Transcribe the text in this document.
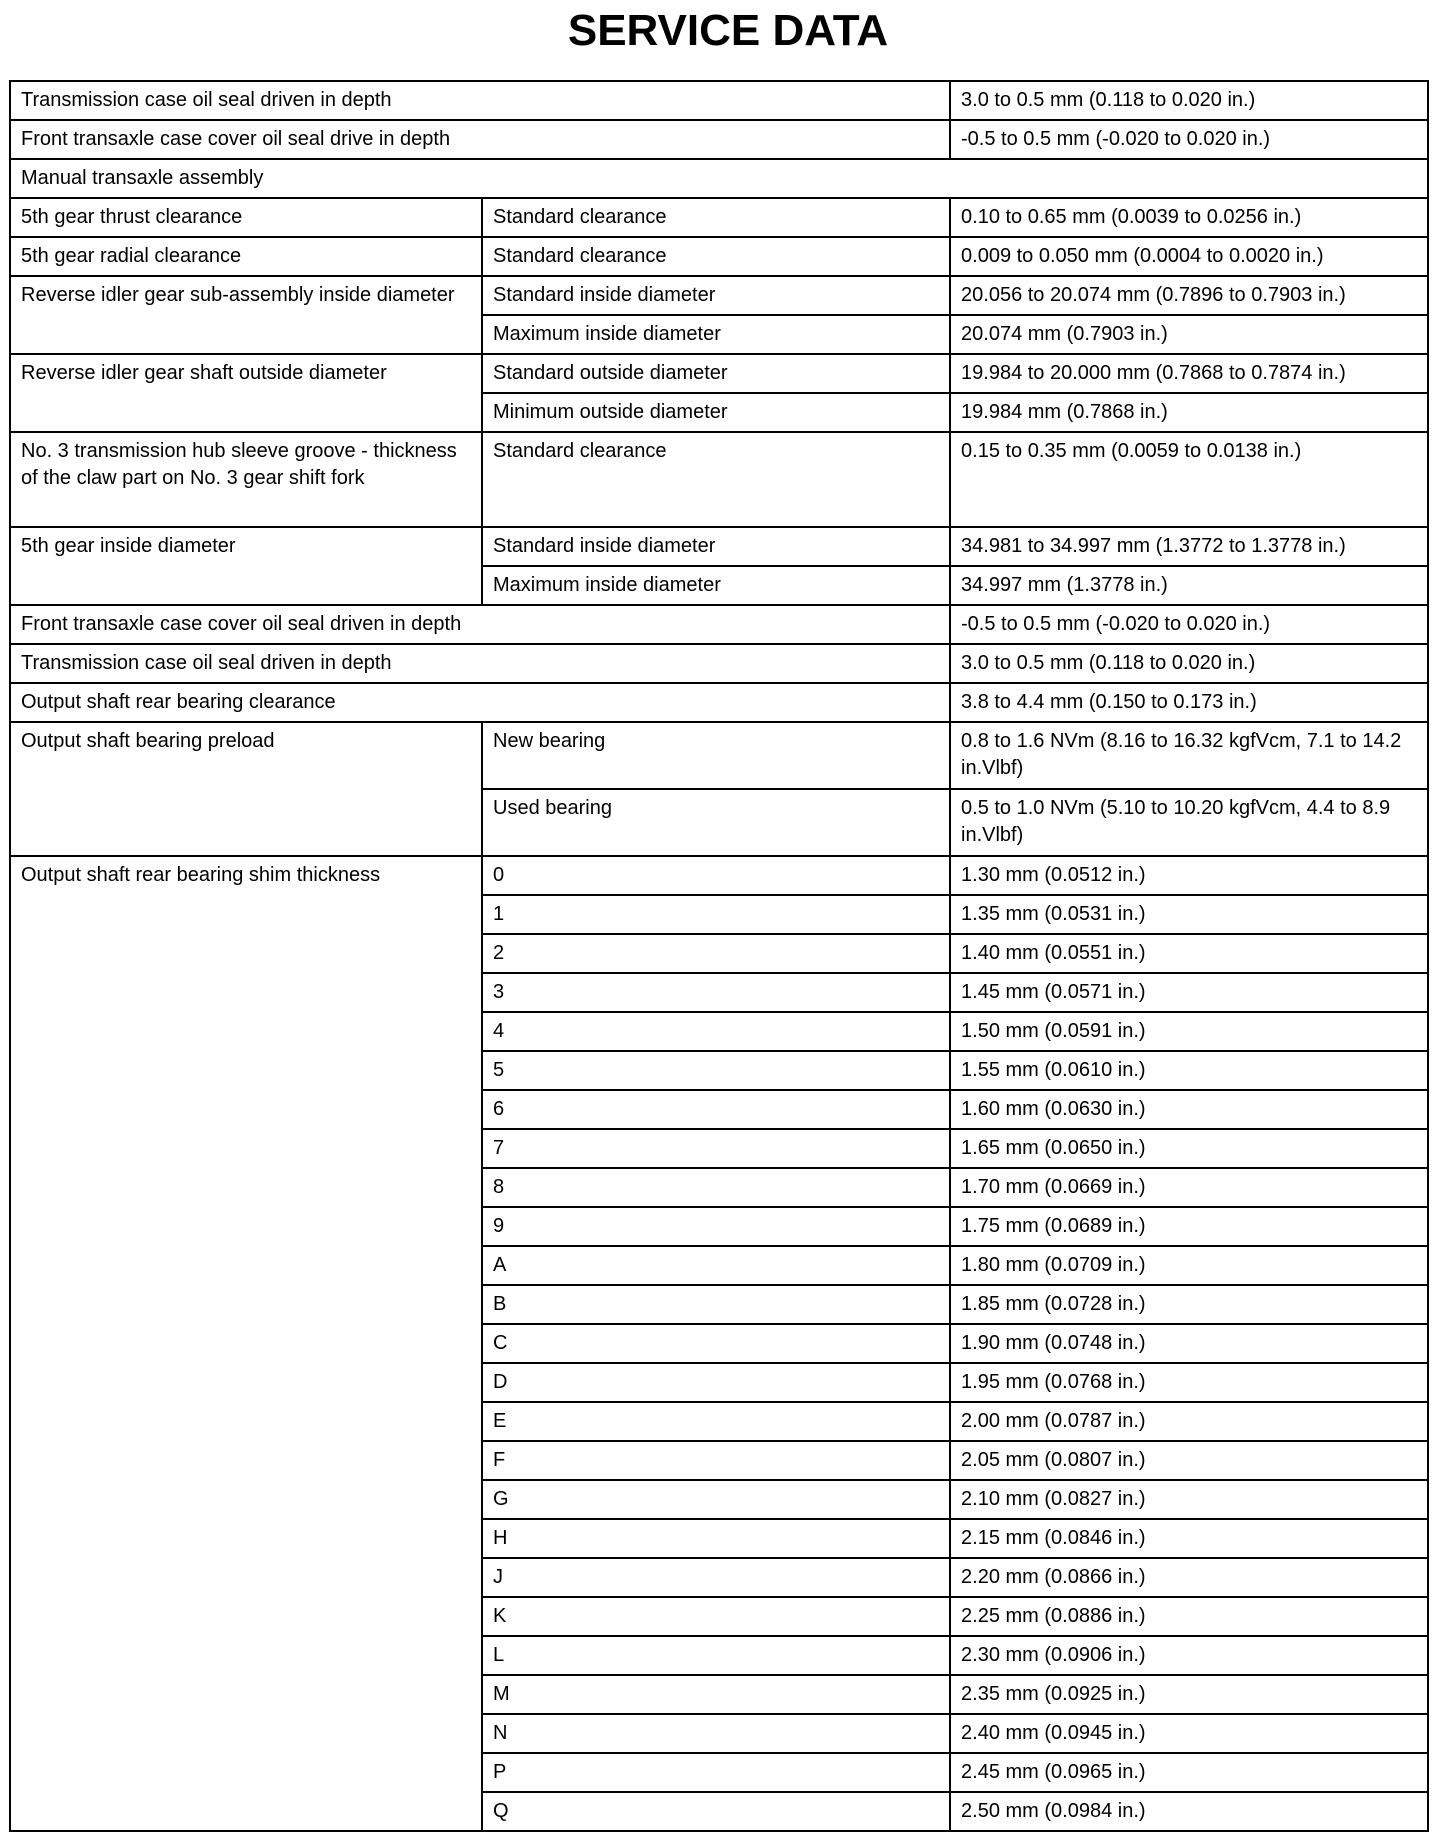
SERVICE DATA
Transmission case oil seal driven in depth		3.0 to 0.5 mm (0.118 to 0.020 in.)
Front transaxle case cover oil seal drive in depth		-0.5 to 0.5 mm (-0.020 to 0.020 in.)
Manual transaxle assembly		
5th gear thrust clearance	Standard clearance	0.10 to 0.65 mm (0.0039 to 0.0256 in.)
5th gear radial clearance	Standard clearance	0.009 to 0.050 mm (0.0004 to 0.0020 in.)
Reverse idler gear sub-assembly inside diameter	Standard inside diameter	20.056 to 20.074 mm (0.7896 to 0.7903 in.)
	Maximum inside diameter	20.074 mm (0.7903 in.)
Reverse idler gear shaft outside diameter	Standard outside diameter	19.984 to 20.000 mm (0.7868 to 0.7874 in.)
	Minimum outside diameter	19.984 mm (0.7868 in.)
No. 3 transmission hub sleeve groove - thickness of the claw part on No. 3 gear shift fork	Standard clearance	0.15 to 0.35 mm (0.0059 to 0.0138 in.)
5th gear inside diameter	Standard inside diameter	34.981 to 34.997 mm (1.3772 to 1.3778 in.)
	Maximum inside diameter	34.997 mm (1.3778 in.)
Front transaxle case cover oil seal driven in depth		-0.5 to 0.5 mm (-0.020 to 0.020 in.)
Transmission case oil seal driven in depth		3.0 to 0.5 mm (0.118 to 0.020 in.)
Output shaft rear bearing clearance		3.8 to 4.4 mm (0.150 to 0.173 in.)
Output shaft bearing preload	New bearing	0.8 to 1.6 NVm (8.16 to 16.32 kgfVcm, 7.1 to 14.2 in.Vlbf)
	Used bearing	0.5 to 1.0 NVm (5.10 to 10.20 kgfVcm, 4.4 to 8.9 in.Vlbf)
Output shaft rear bearing shim thickness	0	1.30 mm (0.0512 in.)
	1	1.35 mm (0.0531 in.)
	2	1.40 mm (0.0551 in.)
	3	1.45 mm (0.0571 in.)
	4	1.50 mm (0.0591 in.)
	5	1.55 mm (0.0610 in.)
	6	1.60 mm (0.0630 in.)
	7	1.65 mm (0.0650 in.)
	8	1.70 mm (0.0669 in.)
	9	1.75 mm (0.0689 in.)
	A	1.80 mm (0.0709 in.)
	B	1.85 mm (0.0728 in.)
	C	1.90 mm (0.0748 in.)
	D	1.95 mm (0.0768 in.)
	E	2.00 mm (0.0787 in.)
	F	2.05 mm (0.0807 in.)
	G	2.10 mm (0.0827 in.)
	H	2.15 mm (0.0846 in.)
	J	2.20 mm (0.0866 in.)
	K	2.25 mm (0.0886 in.)
	L	2.30 mm (0.0906 in.)
	M	2.35 mm (0.0925 in.)
	N	2.40 mm (0.0945 in.)
	P	2.45 mm (0.0965 in.)
	Q	2.50 mm (0.0984 in.)
